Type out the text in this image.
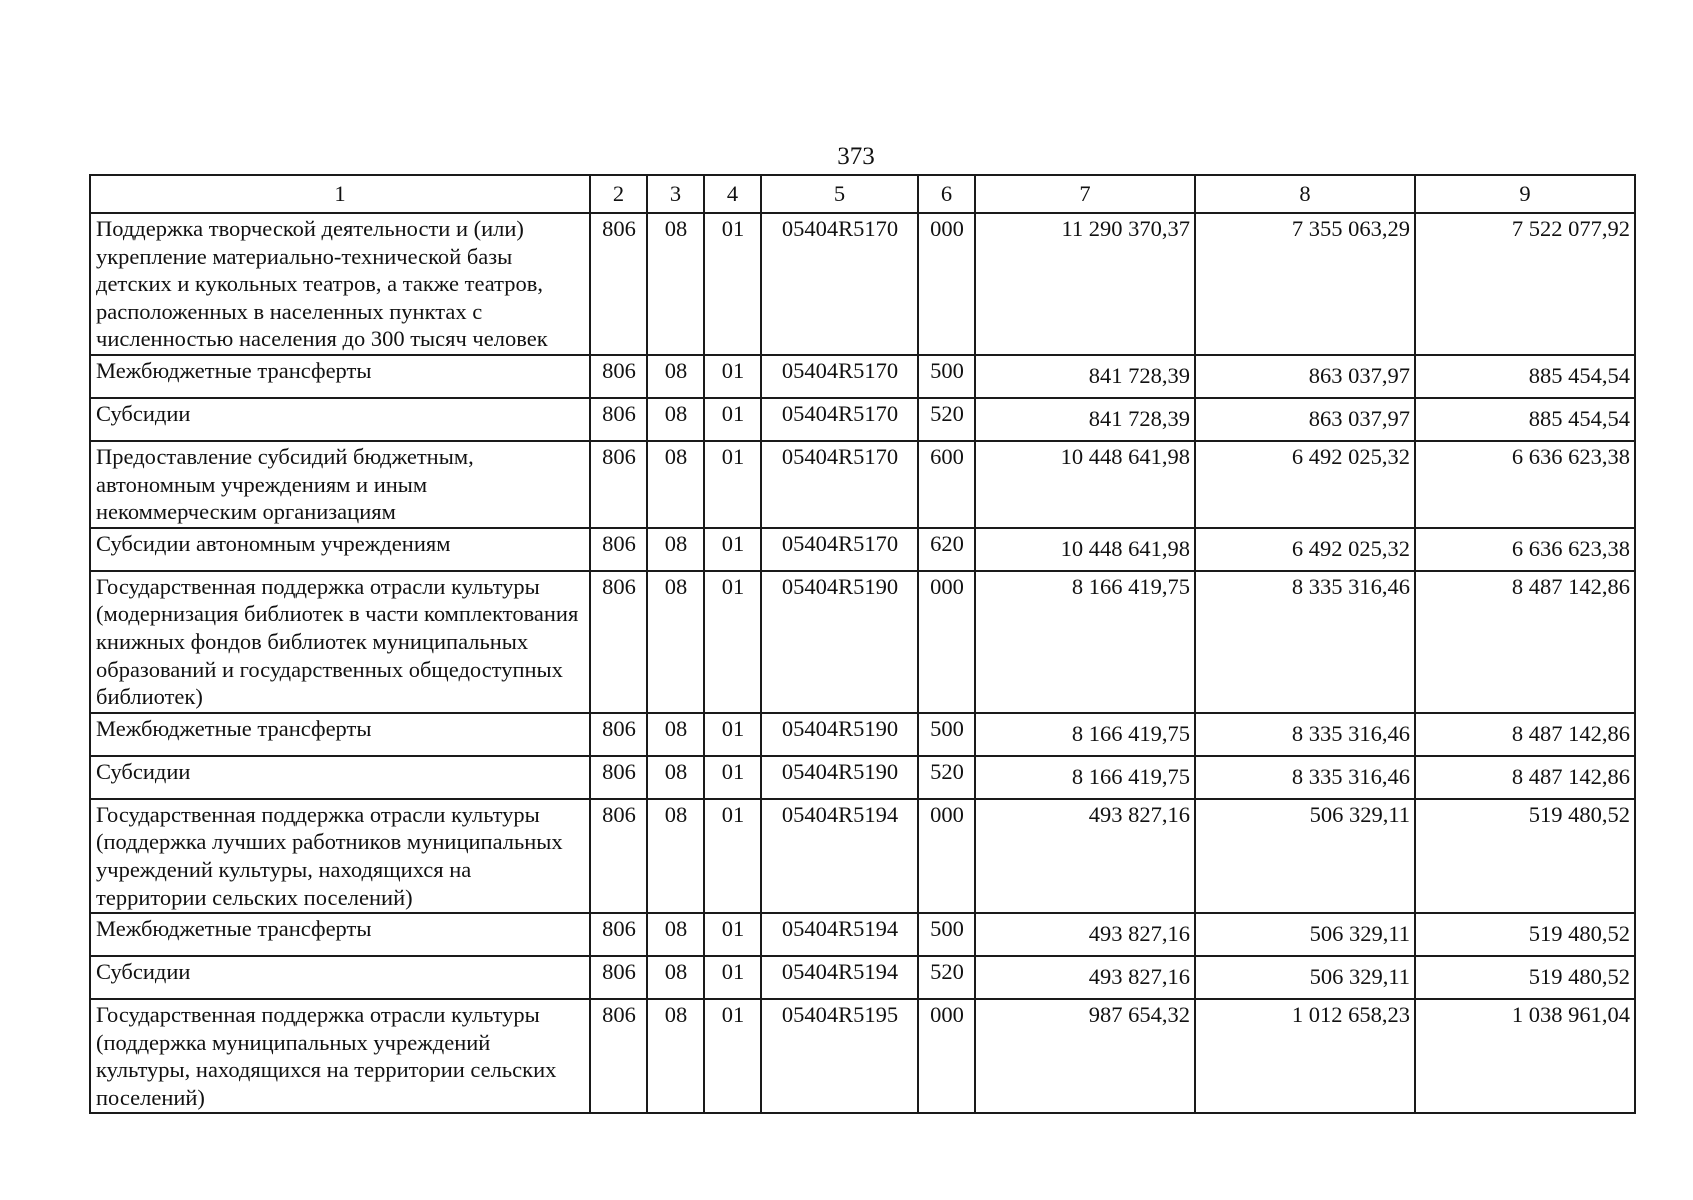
373
1	2	3	4	5	6	7	8	9
Поддержка творческой деятельности и (или) укрепление материально-технической базы детских и кукольных театров, а также театров, расположенных в населенных пунктах с численностью населения до 300 тысяч человек	806	08	01	05404R5170	000	11 290 370,37	7 355 063,29	7 522 077,92
Межбюджетные трансферты	806	08	01	05404R5170	500	841 728,39	863 037,97	885 454,54
Субсидии	806	08	01	05404R5170	520	841 728,39	863 037,97	885 454,54
Предоставление субсидий бюджетным, автономным учреждениям и иным некоммерческим организациям	806	08	01	05404R5170	600	10 448 641,98	6 492 025,32	6 636 623,38
Субсидии автономным учреждениям	806	08	01	05404R5170	620	10 448 641,98	6 492 025,32	6 636 623,38
Государственная поддержка отрасли культуры (модернизация библиотек в части комплектования книжных фондов библиотек муниципальных образований и государственных общедоступных библиотек)	806	08	01	05404R5190	000	8 166 419,75	8 335 316,46	8 487 142,86
Межбюджетные трансферты	806	08	01	05404R5190	500	8 166 419,75	8 335 316,46	8 487 142,86
Субсидии	806	08	01	05404R5190	520	8 166 419,75	8 335 316,46	8 487 142,86
Государственная поддержка отрасли культуры (поддержка лучших работников муниципальных учреждений культуры, находящихся на территории сельских поселений)	806	08	01	05404R5194	000	493 827,16	506 329,11	519 480,52
Межбюджетные трансферты	806	08	01	05404R5194	500	493 827,16	506 329,11	519 480,52
Субсидии	806	08	01	05404R5194	520	493 827,16	506 329,11	519 480,52
Государственная поддержка отрасли культуры (поддержка муниципальных учреждений культуры, находящихся на территории сельских поселений)	806	08	01	05404R5195	000	987 654,32	1 012 658,23	1 038 961,04
